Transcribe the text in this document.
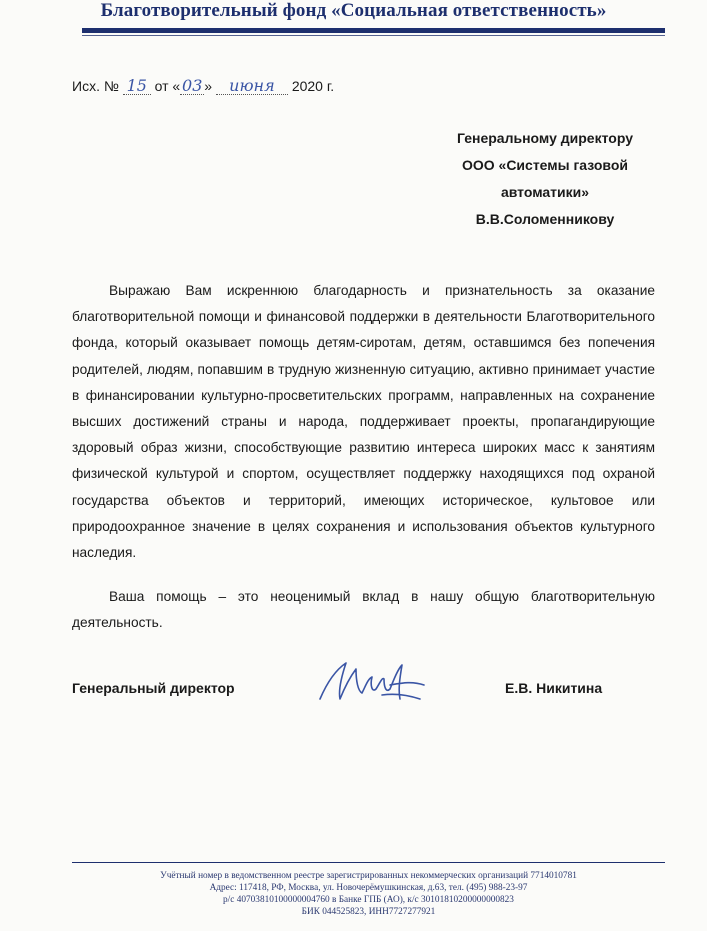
Благотворительный фонд «Социальная ответственность»
Исх. № 15 от « 03 » июня 2020 г.
Генеральному директору
ООО «Системы газовой
автоматики»
В.В.Соломенникову
Выражаю Вам искреннюю благодарность и признательность за оказание благотворительной помощи и финансовой поддержки в деятельности Благотворительного фонда, который оказывает помощь детям-сиротам, детям, оставшимся без попечения родителей, людям, попавшим в трудную жизненную ситуацию, активно принимает участие в финансировании культурно-просветительских программ, направленных на сохранение высших достижений страны и народа, поддерживает проекты, пропагандирующие здоровый образ жизни, способствующие развитию интереса широких масс к занятиям физической культурой и спортом, осуществляет поддержку находящихся под охраной государства объектов и территорий, имеющих историческое, культовое или природоохранное значение в целях сохранения и использования объектов культурного наследия.
Ваша помощь – это неоценимый вклад в нашу общую благотворительную деятельность.
Генеральный директор	Е.В. Никитина
Учётный номер в ведомственном реестре зарегистрированных некоммерческих организаций 7714010781
Адрес: 117418, РФ, Москва, ул. Новочерёмушкинская, д.63, тел. (495) 988-23-97
р/с 40703810100000004760 в Банке ГПБ (АО), к/с 30101810200000000823
БИК 044525823, ИНН7727277921
